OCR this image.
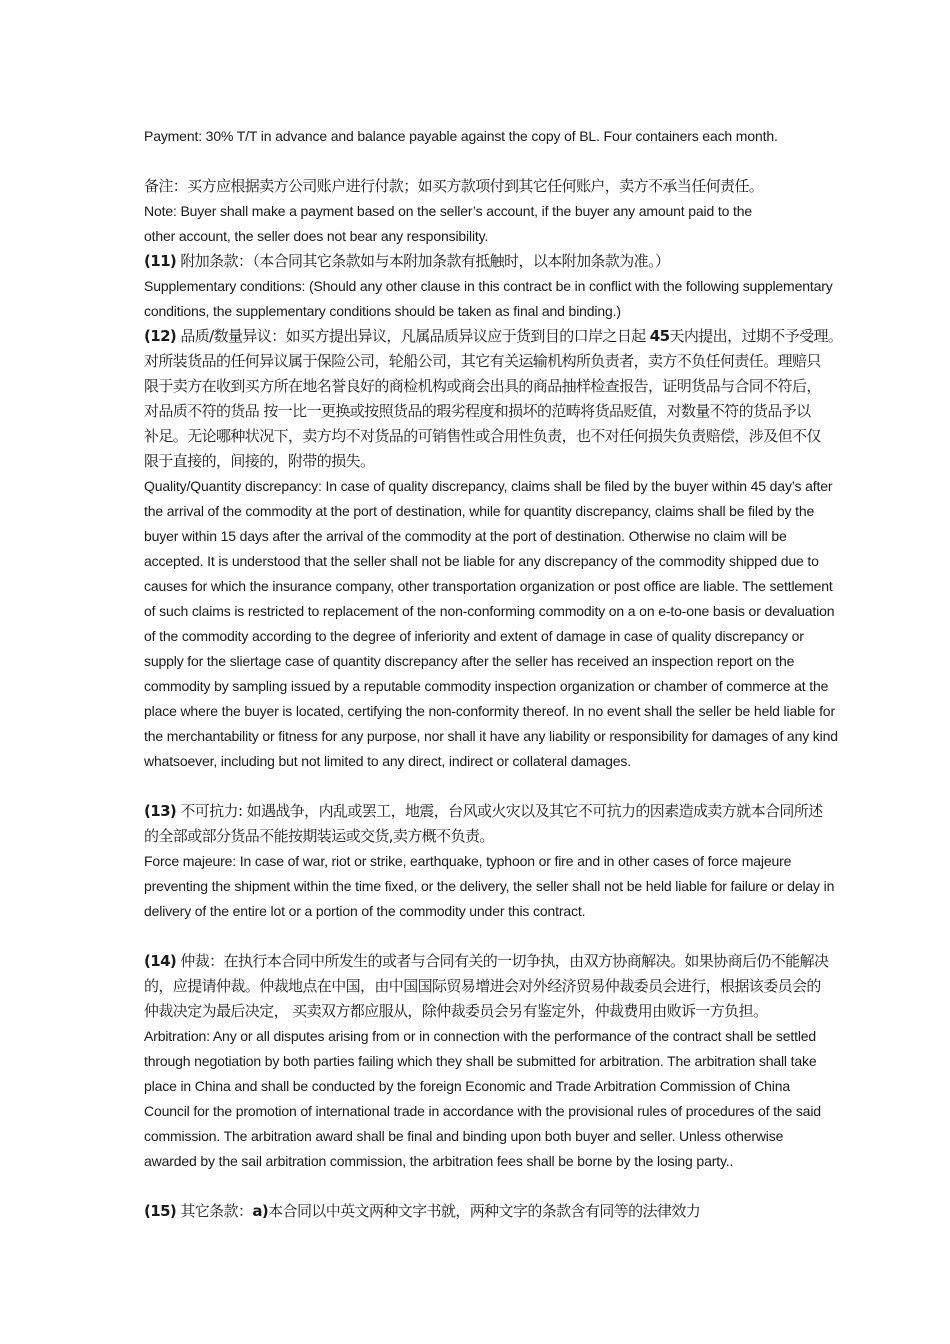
Payment: 30% T/T in advance and balance payable against the copy of BL. Four containers each month.
备注：买方应根据卖方公司账户进行付款；如买方款项付到其它任何账户，卖方不承当任何责任。
Note: Buyer shall make a payment based on the seller’s account, if the buyer any amount paid to the
other account, the seller does not bear any responsibility.
(11) 附加条款：（本合同其它条款如与本附加条款有抵触时，以本附加条款为准。）
Supplementary conditions: (Should any other clause in this contract be in conflict with the following supplementary
conditions, the supplementary conditions should be taken as final and binding.)
(12) 品质/数量异议：如买方提出异议，凡属品质异议应于货到目的口岸之日起 45天内提出，过期不予受理。
对所装货品的任何异议属于保险公司，轮船公司，其它有关运输机构所负责者，卖方不负任何责任。理赔只
限于卖方在收到买方所在地名誉良好的商检机构或商会出具的商品抽样检查报告，证明货品与合同不符后，
对品质不符的货品 按一比一更换或按照货品的瑕劣程度和损坏的范畴将货品贬值，对数量不符的货品予以
补足。无论哪种状况下，卖方均不对货品的可销售性或合用性负责，也不对任何损失负责赔偿，涉及但不仅
限于直接的，间接的，附带的损失。
Quality/Quantity discrepancy: In case of quality discrepancy, claims shall be filed by the buyer within 45 day’s after
the arrival of the commodity at the port of destination, while for quantity discrepancy, claims shall be filed by the
buyer within 15 days after the arrival of the commodity at the port of destination. Otherwise no claim will be
accepted. It is understood that the seller shall not be liable for any discrepancy of the commodity shipped due to
causes for which the insurance company, other transportation organization or post office are liable. The settlement
of such claims is restricted to replacement of the non-conforming commodity on a on e-to-one basis or devaluation
of the commodity according to the degree of inferiority and extent of damage in case of quality discrepancy or
supply for the sliertage case of quantity discrepancy after the seller has received an inspection report on the
commodity by sampling issued by a reputable commodity inspection organization or chamber of commerce at the
place where the buyer is located, certifying the non-conformity thereof. In no event shall the seller be held liable for
the merchantability or fitness for any purpose, nor shall it have any liability or responsibility for damages of any kind
whatsoever, including but not limited to any direct, indirect or collateral damages.
(13) 不可抗力: 如遇战争，内乱或罢工，地震，台风或火灾以及其它不可抗力的因素造成卖方就本合同所述
的全部或部分货品不能按期装运或交货,卖方概不负责。
Force majeure: In case of war, riot or strike, earthquake, typhoon or fire and in other cases of force majeure
preventing the shipment within the time fixed, or the delivery, the seller shall not be held liable for failure or delay in
delivery of the entire lot or a portion of the commodity under this contract.
(14) 仲裁：在执行本合同中所发生的或者与合同有关的一切争执，由双方协商解决。如果协商后仍不能解决
的，应提请仲裁。仲裁地点在中国，由中国国际贸易增进会对外经济贸易仲裁委员会进行，根据该委员会的
仲裁决定为最后决定， 买卖双方都应服从，除仲裁委员会另有鉴定外，仲裁费用由败诉一方负担。
Arbitration: Any or all disputes arising from or in connection with the performance of the contract shall be settled
through negotiation by both parties failing which they shall be submitted for arbitration. The arbitration shall take
place in China and shall be conducted by the foreign Economic and Trade Arbitration Commission of China
Council for the promotion of international trade in accordance with the provisional rules of procedures of the said
commission. The arbitration award shall be final and binding upon both buyer and seller. Unless otherwise
awarded by the sail arbitration commission, the arbitration fees shall be borne by the losing party..
(15) 其它条款：a)本合同以中英文两种文字书就，两种文字的条款含有同等的法律效力
